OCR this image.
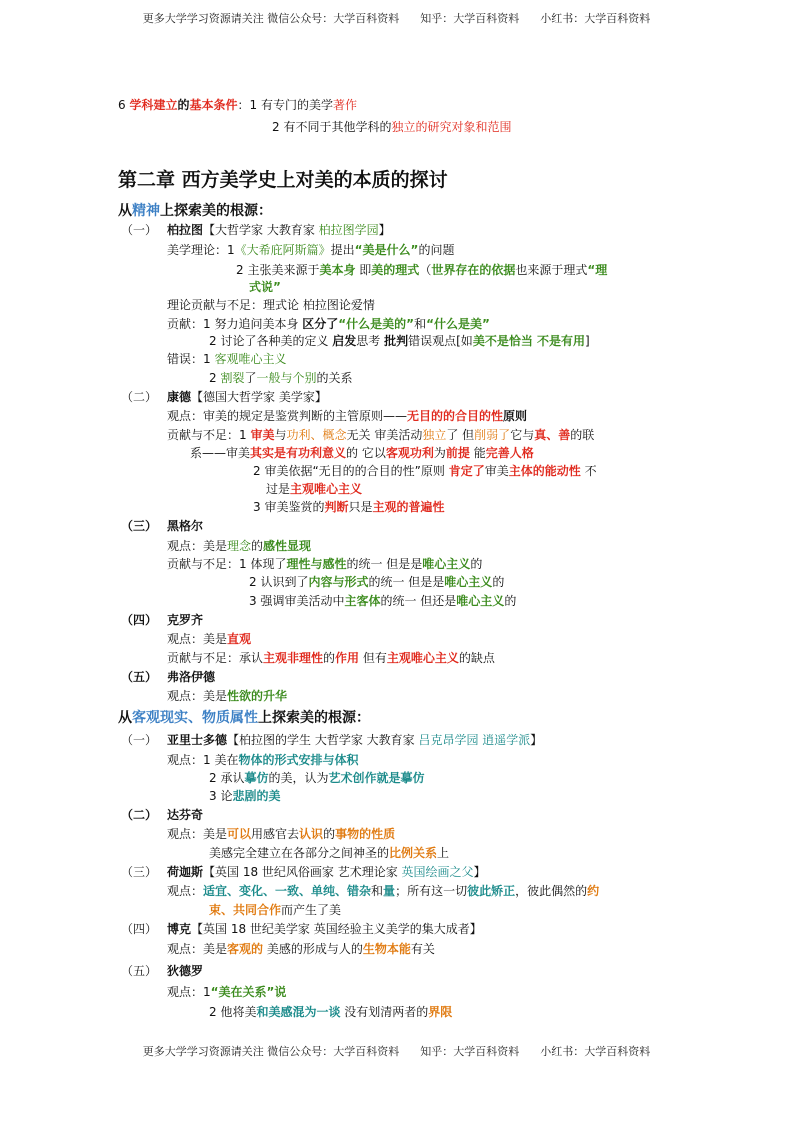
更多大学学习资源请关注 微信公众号：大学百科资料      知乎：大学百科资料      小红书：大学百科资料
6 学科建立的基本条件：1 有专门的美学著作
2 有不同于其他学科的独立的研究对象和范围
第二章 西方美学史上对美的本质的探讨
从精神上探索美的根源：
（一） 柏拉图【大哲学家 大教育家 柏拉图学园】
美学理论：1《大希庇阿斯篇》提出“美是什么”的问题
2 主张美来源于美本身 即美的理式（世界存在的依据也来源于理式“理
式说”
理论贡献与不足：理式论 柏拉图论爱情
贡献：1 努力追问美本身 区分了“什么是美的”和“什么是美”
2 讨论了各种美的定义 启发思考 批判错误观点[如美不是恰当 不是有用]
错误：1 客观唯心主义
2 割裂了一般与个别的关系
（二） 康德【德国大哲学家 美学家】
观点：审美的规定是鉴赏判断的主管原则——无目的的合目的性原则
贡献与不足：1 审美与功利、概念无关 审美活动独立了 但削弱了它与真、善的联
系——审美其实是有功利意义的 它以客观功利为前提 能完善人格
2 审美依据“无目的的合目的性”原则 肯定了审美主体的能动性 不
过是主观唯心主义
3 审美鉴赏的判断只是主观的普遍性
（三） 黑格尔
观点：美是理念的感性显现
贡献与不足：1 体现了理性与感性的统一 但是是唯心主义的
2 认识到了内容与形式的统一 但是是唯心主义的
3 强调审美活动中主客体的统一 但还是唯心主义的
（四） 克罗齐
观点：美是直观
贡献与不足：承认主观非理性的作用 但有主观唯心主义的缺点
（五） 弗洛伊德
观点：美是性欲的升华
从客观现实、物质属性上探索美的根源：
（一） 亚里士多德【柏拉图的学生 大哲学家 大教育家 吕克昂学园 逍遥学派】
观点：1 美在物体的形式安排与体积
2 承认摹仿的美，认为艺术创作就是摹仿
3 论悲剧的美
（二） 达芬奇
观点：美是可以用感官去认识的事物的性质
美感完全建立在各部分之间神圣的比例关系上
（三） 荷迦斯【英国 18 世纪风俗画家 艺术理论家 英国绘画之父】
观点：适宜、变化、一致、单纯、错杂和量；所有这一切彼此矫正，彼此偶然的约
束、共同合作而产生了美
（四） 博克【英国 18 世纪美学家 英国经验主义美学的集大成者】
观点：美是客观的 美感的形成与人的生物本能有关
（五） 狄德罗
观点：1“美在关系”说
2 他将美和美感混为一谈 没有划清两者的界限
更多大学学习资源请关注 微信公众号：大学百科资料      知乎：大学百科资料      小红书：大学百科资料
